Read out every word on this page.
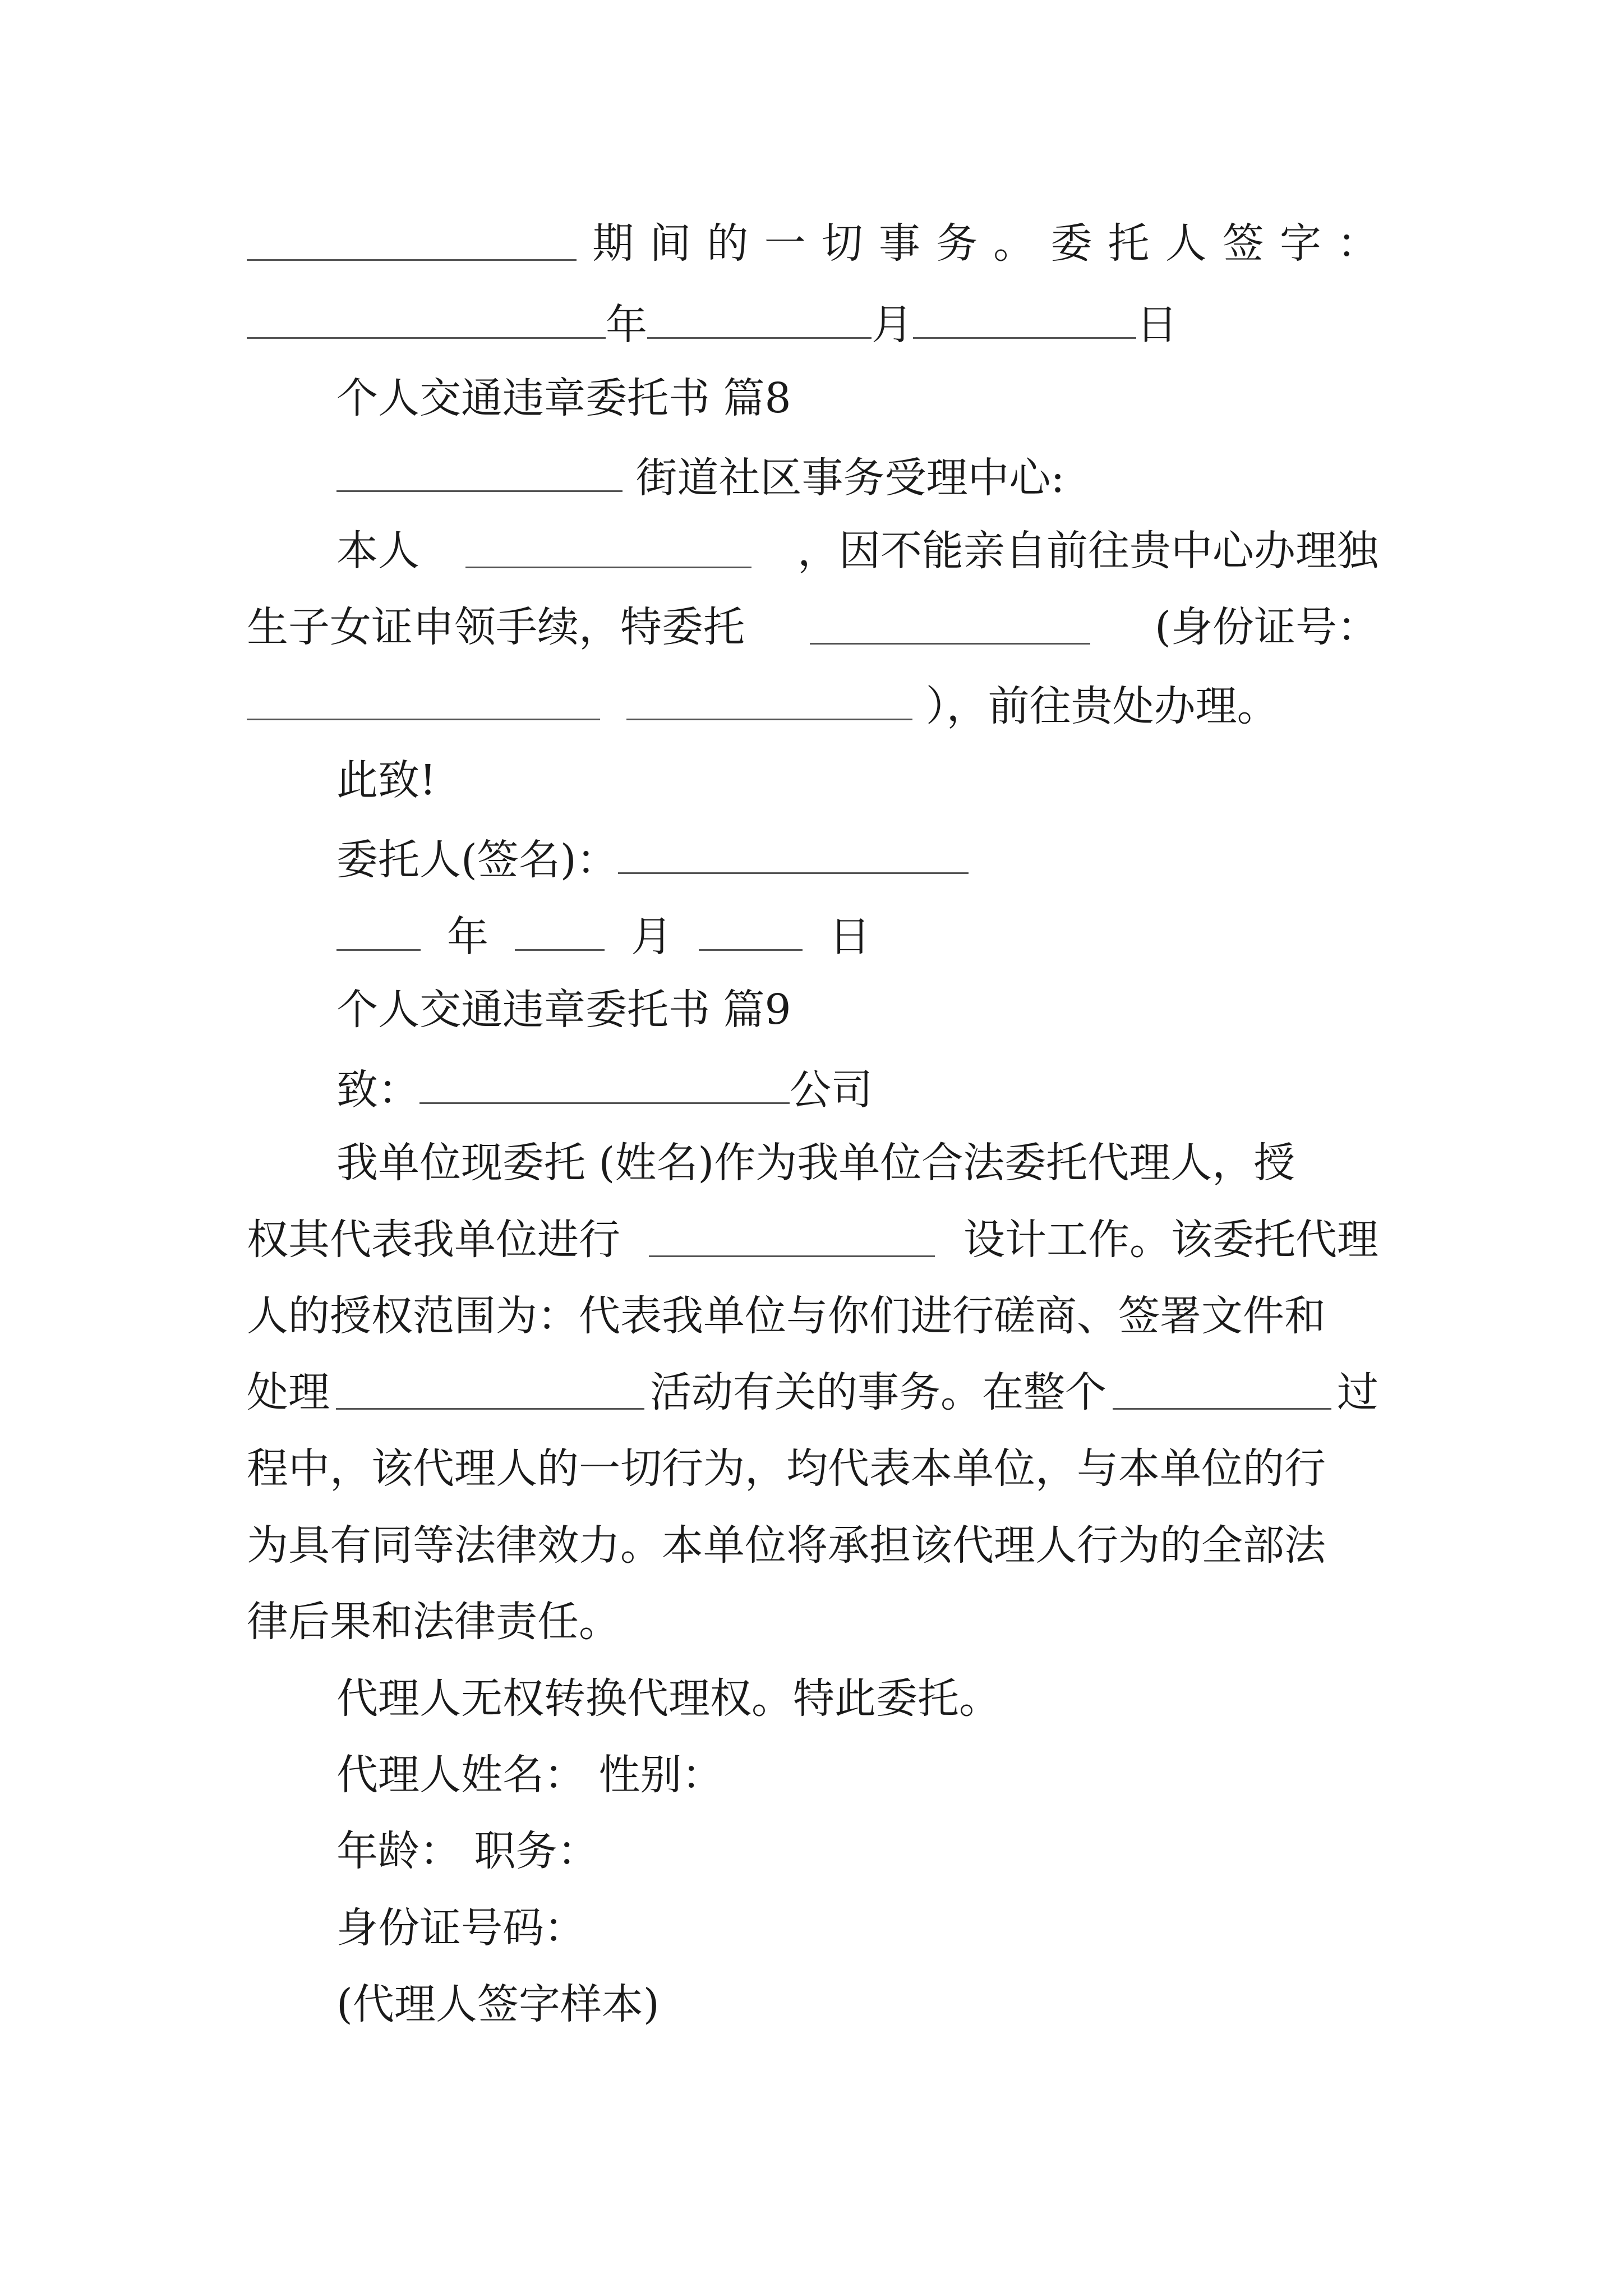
期 间 的 一 切 事 务 。 委 托 人 签 字 ：
年	月	日
个人交通违章委托书 篇8
街道社区事务受理中心:
本人	，因不能亲自前往贵中心办理独
生子女证申领手续，特委托	(身份证号：
），前往贵处办理。
此致!
委托人(签名)：
年	月	日
个人交通违章委托书 篇9
致：	公司
我单位现委托 (姓名)作为我单位合法委托代理人，授
权其代表我单位进行	设计工作。该委托代理
人的授权范围为：代表我单位与你们进行磋商、签署文件和
处理	活动有关的事务。在整个	过
程中，该代理人的一切行为，均代表本单位，与本单位的行
为具有同等法律效力。本单位将承担该代理人行为的全部法
律后果和法律责任。
代理人无权转换代理权。特此委托。
代理人姓名： 性别：
年龄： 职务：
身份证号码：
(代理人签字样本)
